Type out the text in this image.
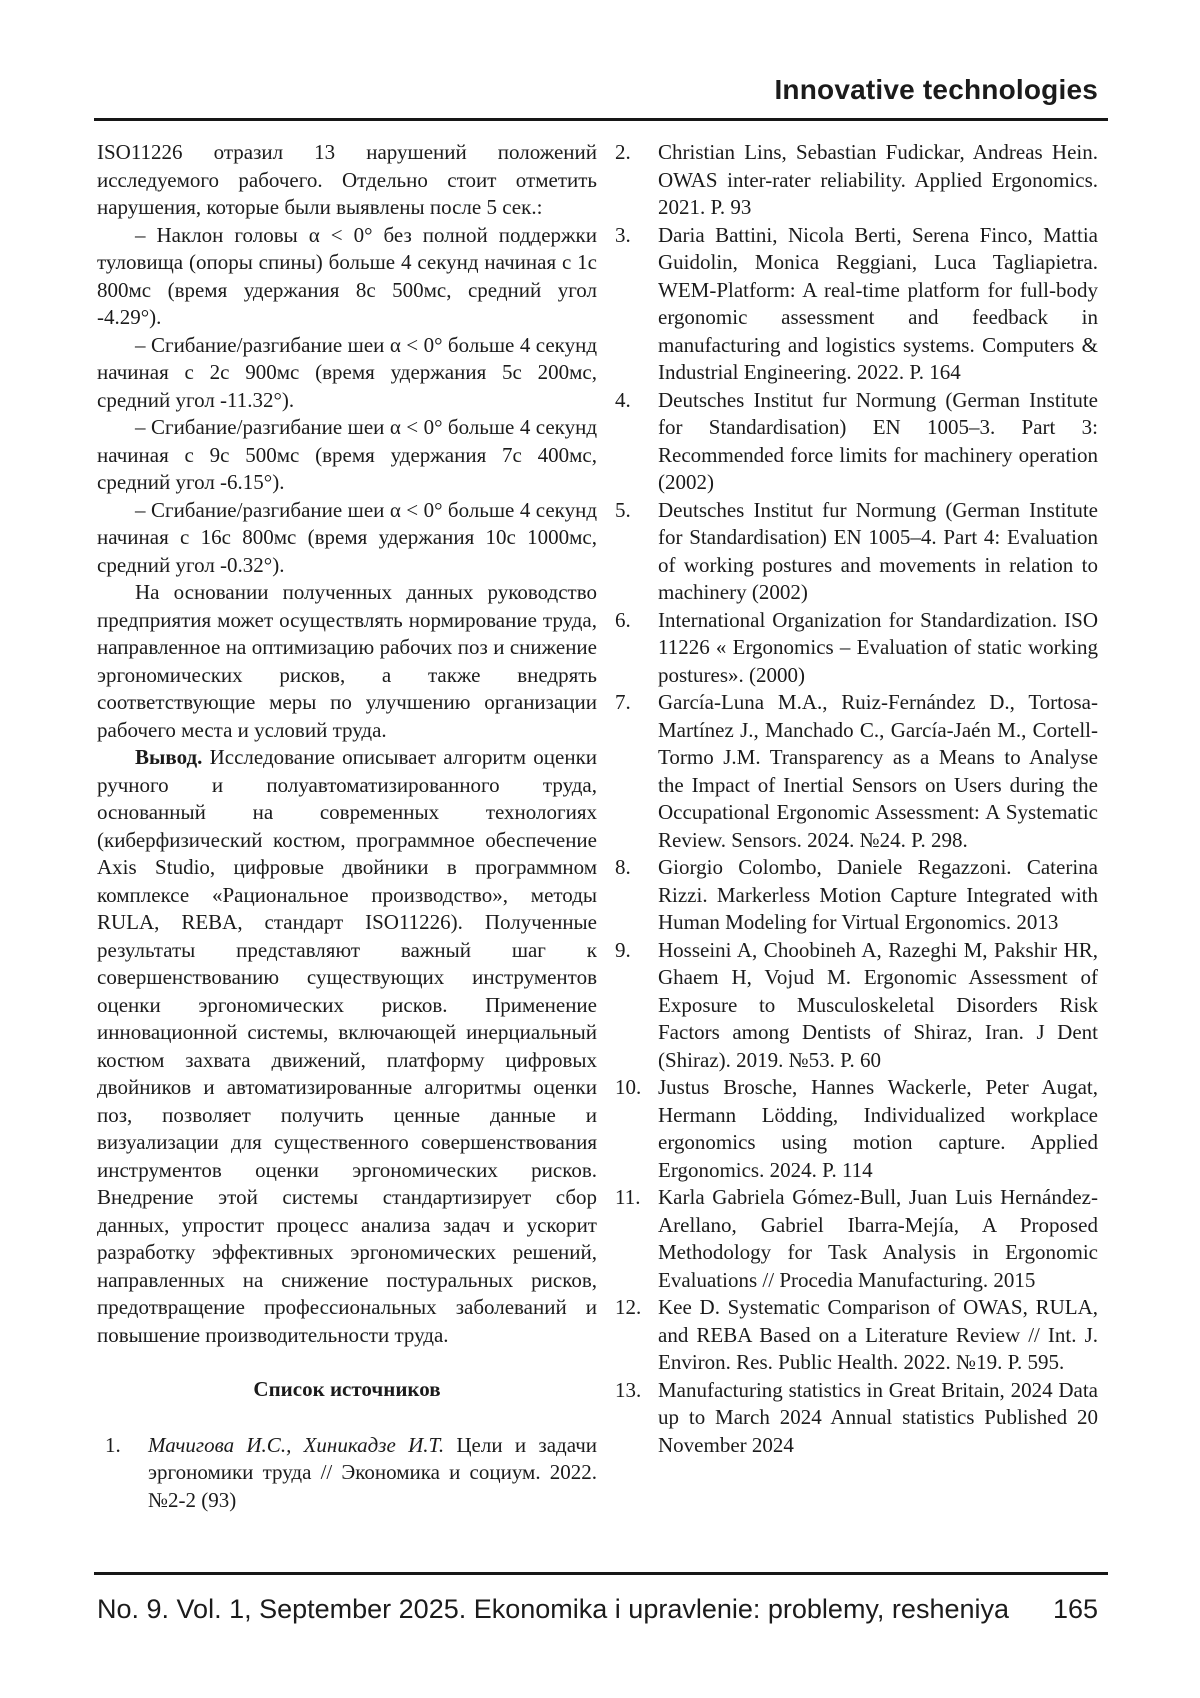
Innovative technologies

ISO11226 отразил 13 нарушений положений исследуемого рабочего. Отдельно стоит отметить нарушения, которые были выявлены после 5 сек.:

– Наклон головы α < 0° без полной поддержки туловища (опоры спины) больше 4 секунд начиная с 1с 800мс (время удержания 8с 500мс, средний угол -4.29°).

– Сгибание/разгибание шеи α < 0° больше 4 секунд начиная с 2с 900мс (время удержания 5с 200мс, средний угол -11.32°).

– Сгибание/разгибание шеи α < 0° больше 4 секунд начиная с 9с 500мс (время удержания 7с 400мс, средний угол -6.15°).

– Сгибание/разгибание шеи α < 0° больше 4 секунд начиная с 16с 800мс (время удержания 10с 1000мс, средний угол -0.32°).

На основании полученных данных руководство предприятия может осуществлять нормирование труда, направленное на оптимизацию рабочих поз и снижение эргономических рисков, а также внедрять соответствующие меры по улучшению организации рабочего места и условий труда.

Вывод. Исследование описывает алгоритм оценки ручного и полуавтоматизированного труда, основанный на современных технологиях (киберфизический костюм, программное обеспечение Axis Studio, цифровые двойники в программном комплексе «Рациональное производство», методы RULA, REBA, стандарт ISO11226). Полученные результаты представляют важный шаг к совершенствованию существующих инструментов оценки эргономических рисков. Применение инновационной системы, включающей инерциальный костюм захвата движений, платформу цифровых двойников и автоматизированные алгоритмы оценки поз, позволяет получить ценные данные и визуализации для существенного совершенствования инструментов оценки эргономических рисков. Внедрение этой системы стандартизирует сбор данных, упростит процесс анализа задач и ускорит разработку эффективных эргономических решений, направленных на снижение постуральных рисков, предотвращение профессиональных заболеваний и повышение производительности труда.

Список источников

1.	Мачигова И.С., Хиникадзе И.Т. Цели и задачи эргономики труда // Экономика и социум. 2022. №2-2 (93)
2.	Christian Lins, Sebastian Fudickar, Andreas Hein. OWAS inter-rater reliability. Applied Ergonomics. 2021. P. 93
3.	Daria Battini, Nicola Berti, Serena Finco, Mattia Guidolin, Monica Reggiani, Luca Tagliapietra. WEM-Platform: A real-time platform for full-body ergonomic assessment and feedback in manufacturing and logistics systems. Computers & Industrial Engineering. 2022. P. 164
4.	Deutsches Institut fur Normung (German Institute for Standardisation) EN 1005–3. Part 3: Recommended force limits for machinery operation (2002)
5.	Deutsches Institut fur Normung (German Institute for Standardisation) EN 1005–4. Part 4: Evaluation of working postures and movements in relation to machinery (2002)
6.	International Organization for Standardization. ISO 11226 « Ergonomics – Evaluation of static working postures». (2000)
7.	García-Luna M.A., Ruiz-Fernández D., Tortosa-Martínez J., Manchado C., García-Jaén M., Cortell-Tormo J.M. Transparency as a Means to Analyse the Impact of Inertial Sensors on Users during the Occupational Ergonomic Assessment: A Systematic Review. Sensors. 2024. №24. P. 298.
8.	Giorgio Colombo, Daniele Regazzoni. Caterina Rizzi. Markerless Motion Capture Integrated with Human Modeling for Virtual Ergonomics. 2013
9.	Hosseini A, Choobineh A, Razeghi M, Pakshir HR, Ghaem H, Vojud M. Ergonomic Assessment of Exposure to Musculoskeletal Disorders Risk Factors among Dentists of Shiraz, Iran. J Dent (Shiraz). 2019. №53. P. 60
10. Justus Brosche, Hannes Wackerle, Peter Augat, Hermann Lödding, Individualized workplace ergonomics using motion capture. Applied Ergonomics. 2024. P. 114
11. Karla Gabriela Gómez-Bull, Juan Luis Hernández-Arellano, Gabriel Ibarra-Mejía, A Proposed Methodology for Task Analysis in Ergonomic Evaluations // Procedia Manufacturing. 2015
12. Kee D. Systematic Comparison of OWAS, RULA, and REBA Based on a Literature Review // Int. J. Environ. Res. Public Health. 2022. №19. P. 595.
13. Manufacturing statistics in Great Britain, 2024 Data up to March 2024 Annual statistics Published 20 November 2024
No. 9. Vol. 1, September 2025. Ekonomika i upravlenie: problemy, resheniya 165
